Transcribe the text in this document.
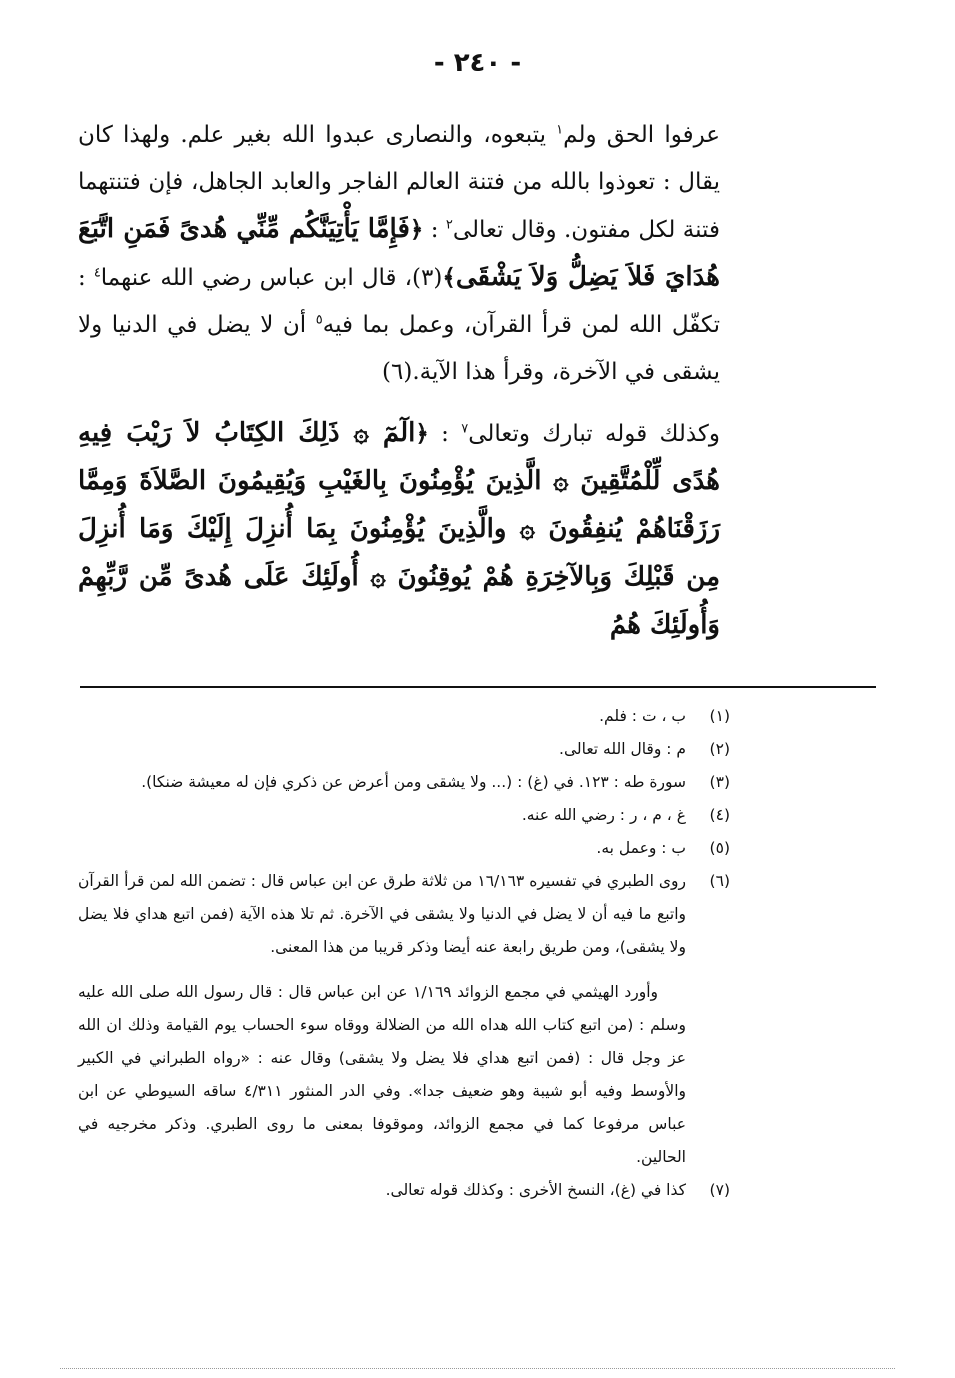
- ٢٤٠ -

عرفوا الحق ولم$^١$ يتبعوه، والنصارى عبدوا الله بغير علم. ولهذا كان يقال : تعوذوا بالله من فتنة العالم الفاجر والعابد الجاهل، فإن فتنتهما فتنة لكل مفتون. وقال تعالى$^٢$ : ﴿فَإِمَّا يَأْتِيَنَّكُم مِّنِّي هُدىً فَمَنِ اتَّبَعَ هُدَايَ فَلاَ يَضِلُّ وَلاَ يَشْقَى﴾(٣)، قال ابن عباس رضي الله عنهما$^٤$ : تكفّل الله لمن قرأ القرآن، وعمل بما فيه$^٥$ أن لا يضل في الدنيا ولا يشقى في الآخرة، وقرأ هذا الآية.(٦)

وكذلك قوله تبارك وتعالى$^٧$ : ﴿الٓمٓ ۞ ذَلِكَ الكِتَابُ لاَ رَيْبَ فِيهِ هُدًى لِّلْمُتَّقِينَ ۞ الَّذِينَ يُؤْمِنُونَ بِالغَيْبِ وَيُقِيمُونَ الصَّلاَةَ وَمِمَّا رَزَقْنَاهُمْ يُنفِقُونَ ۞ والَّذِينَ يُؤْمِنُونَ بِمَا أُنزِلَ إِلَيْكَ وَمَا أُنزِلَ مِن قَبْلِكَ وَبِالآخِرَةِ هُمْ يُوقِنُونَ ۞ أُولَئِكَ عَلَى هُدىً مِّن رَّبِّهِمْ وَأُولَئِكَ هُمُ

(١)
ب ، ت : فلم.

(٢)
م : وقال الله تعالى.

(٣)
سورة طه : ١٢٣. في (غ) : (... ولا يشقى ومن أعرض عن ذكري فإن له معيشة ضنكا).

(٤)
غ ، م ، ر : رضي الله عنه.

(٥)
ب : وعمل به.

(٦)
روى الطبري في تفسيره ١٦/١٦٣ من ثلاثة طرق عن ابن عباس قال : تضمن الله لمن قرأ القرآن واتبع ما فيه أن لا يضل في الدنيا ولا يشقى في الآخرة. ثم تلا هذه الآية (فمن اتبع هداي فلا يضل ولا يشقى)، ومن طريق رابعة عنه أيضا وذكر قريبا من هذا المعنى.

وأورد الهيثمي في مجمع الزوائد ١/١٦٩ عن ابن عباس قال : قال رسول الله صلى الله عليه وسلم : (من اتبع كتاب الله هداه الله من الضلالة ووقاه سوء الحساب يوم القيامة وذلك ان الله عز وجل قال : (فمن اتبع هداي فلا يضل ولا يشقى) وقال عنه : «رواه الطبراني في الكبير والأوسط وفيه أبو شيبة وهو ضعيف جدا». وفي الدر المنثور ٤/٣١١ ساقه السيوطي عن ابن عباس مرفوعا كما في مجمع الزوائد، وموقوفا بمعنى ما روى الطبري. وذكر مخرجيه في الحالين.

(٧)
كذا في (غ)، النسخ الأخرى : وكذلك قوله تعالى.
